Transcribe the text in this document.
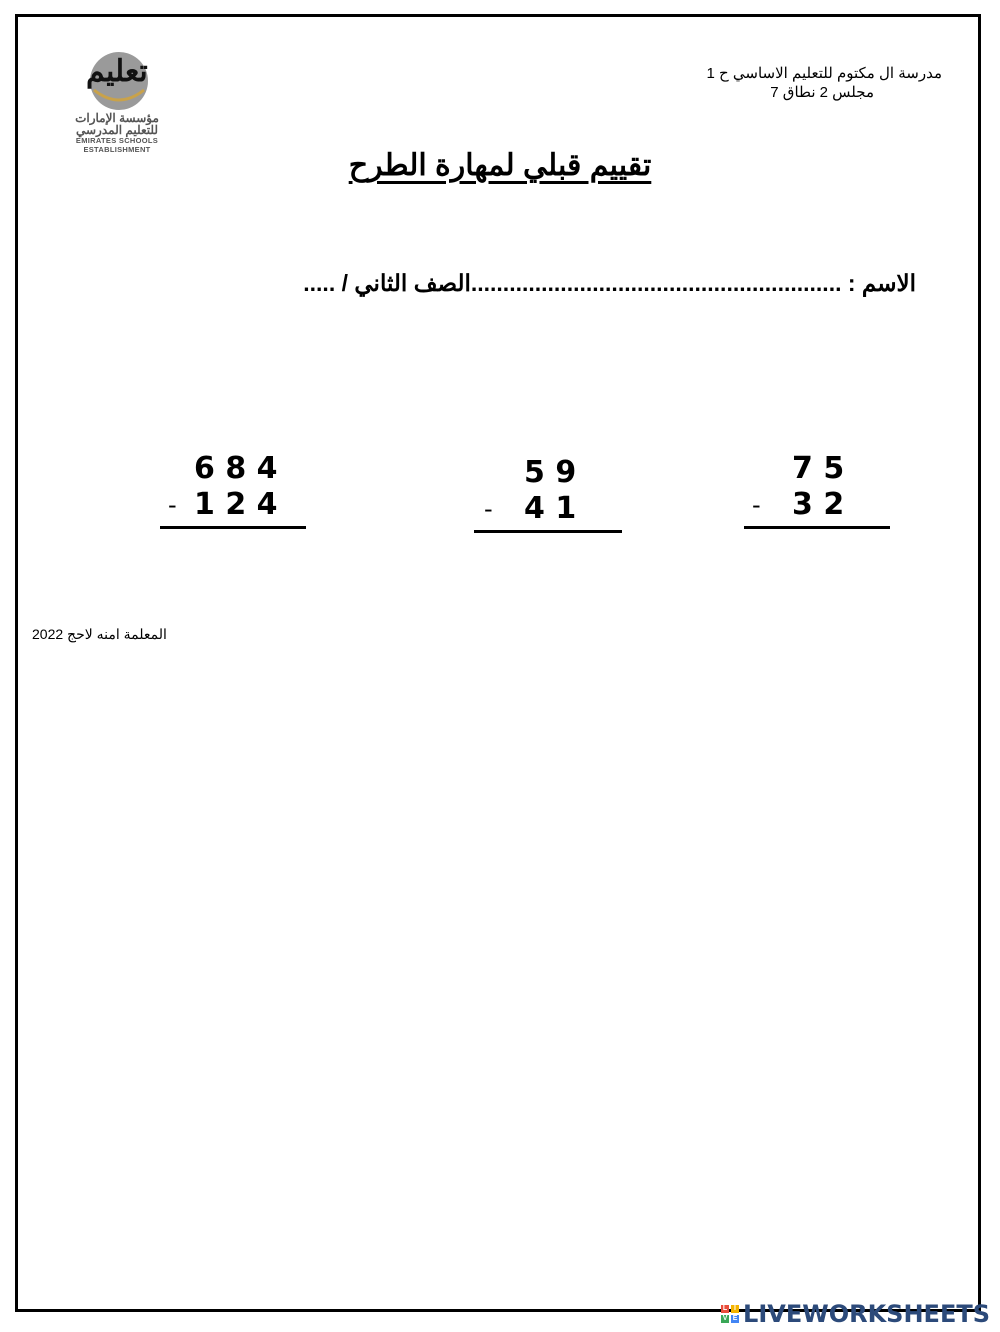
تعليم
مؤسسة الإمارات للتعليم المدرسي
EMIRATES SCHOOLS
ESTABLISHMENT
مدرسة ال مكتوم للتعليم الاساسي ح 1
مجلس 2 نطاق 7
تقييم قبلي لمهارة الطرح
الاسم : ..........................................................الصف الثاني / .....
7 5
- 3 2
5 9
- 4 1
6 8 4
- 1 2 4
المعلمة امنه لاحج 2022
L I
V E LIVEWORKSHEETS
